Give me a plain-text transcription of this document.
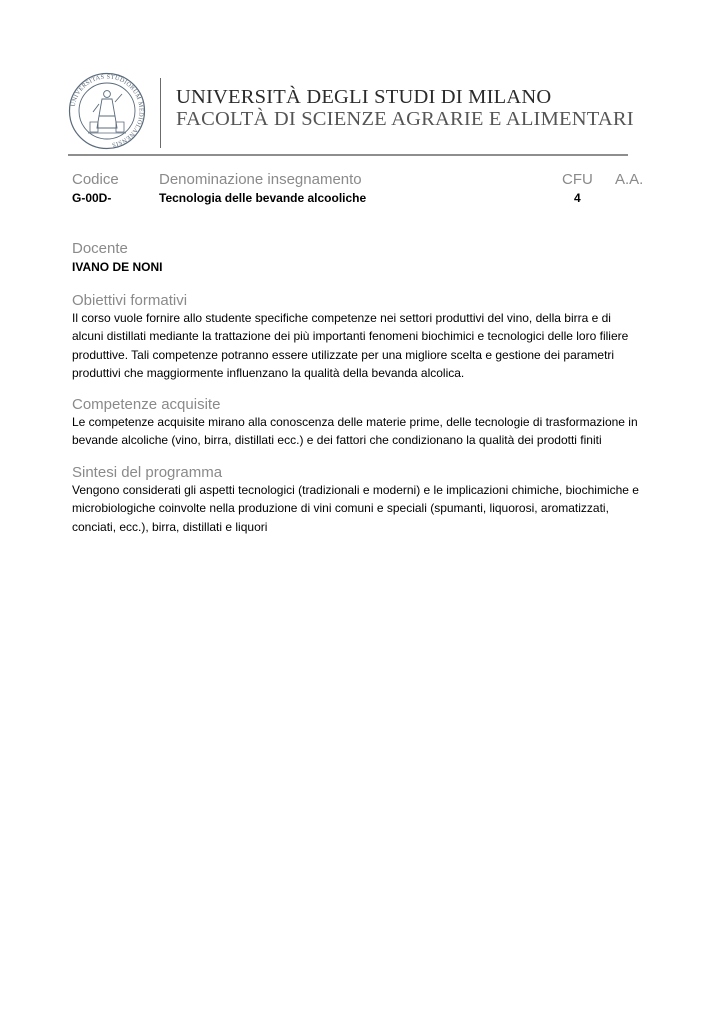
UNIVERSITAS STUDIORUM MEDIOLANENSIS
UNIVERSITÀ DEGLI STUDI DI MILANO
FACOLTÀ DI SCIENZE AGRARIE E ALIMENTARI
Codice	Denominazione insegnamento	CFU A.A.
G-00D-	Tecnologia delle bevande alcooliche	4
Docente
IVANO DE NONI
Obiettivi formativi
Il corso vuole fornire allo studente specifiche competenze nei settori produttivi del vino, della birra e di
alcuni distillati mediante la trattazione dei più importanti fenomeni biochimici e tecnologici delle loro filiere
produttive. Tali competenze potranno essere utilizzate per una migliore scelta e gestione dei parametri
produttivi che maggiormente influenzano la qualità della bevanda alcolica.
Competenze acquisite
Le competenze acquisite mirano alla conoscenza delle materie prime, delle tecnologie di trasformazione in
bevande alcoliche (vino, birra, distillati ecc.) e dei fattori che condizionano la qualità dei prodotti finiti
Sintesi del programma
Vengono considerati gli aspetti tecnologici (tradizionali e moderni) e le implicazioni chimiche, biochimiche e
microbiologiche coinvolte nella produzione di vini comuni e speciali (spumanti, liquorosi, aromatizzati,
conciati, ecc.), birra, distillati e liquori
